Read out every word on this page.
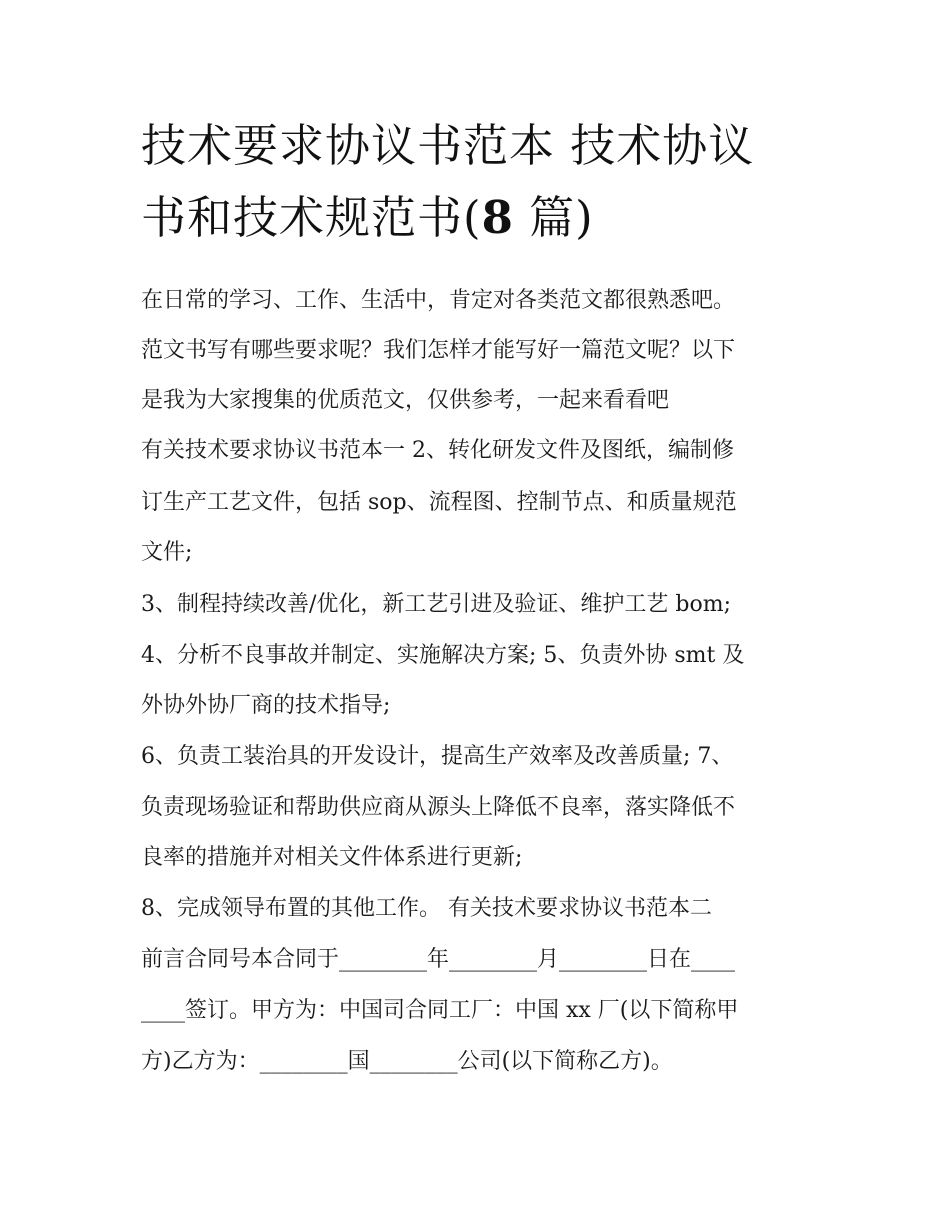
技术要求协议书范本 技术协议
书和技术规范书(8 篇)
在日常的学习、工作、生活中，肯定对各类范文都很熟悉吧。
范文书写有哪些要求呢？我们怎样才能写好一篇范文呢？以下
是我为大家搜集的优质范文，仅供参考，一起来看看吧
有关技术要求协议书范本一 2、转化研发文件及图纸，编制修
订生产工艺文件，包括 sop、流程图、控制节点、和质量规范
文件;
3、制程持续改善/优化，新工艺引进及验证、维护工艺 bom;
4、分析不良事故并制定、实施解决方案; 5、负责外协 smt 及
外协外协厂商的技术指导;
6、负责工装治具的开发设计，提高生产效率及改善质量; 7、
负责现场验证和帮助供应商从源头上降低不良率，落实降低不
良率的措施并对相关文件体系进行更新;
8、完成领导布置的其他工作。 有关技术要求协议书范本二
前言合同号本合同于________年________月________日在____
____签订。甲方为：中国司合同工厂：中国 xx 厂(以下简称甲
方)乙方为：________国________公司(以下简称乙方)。
